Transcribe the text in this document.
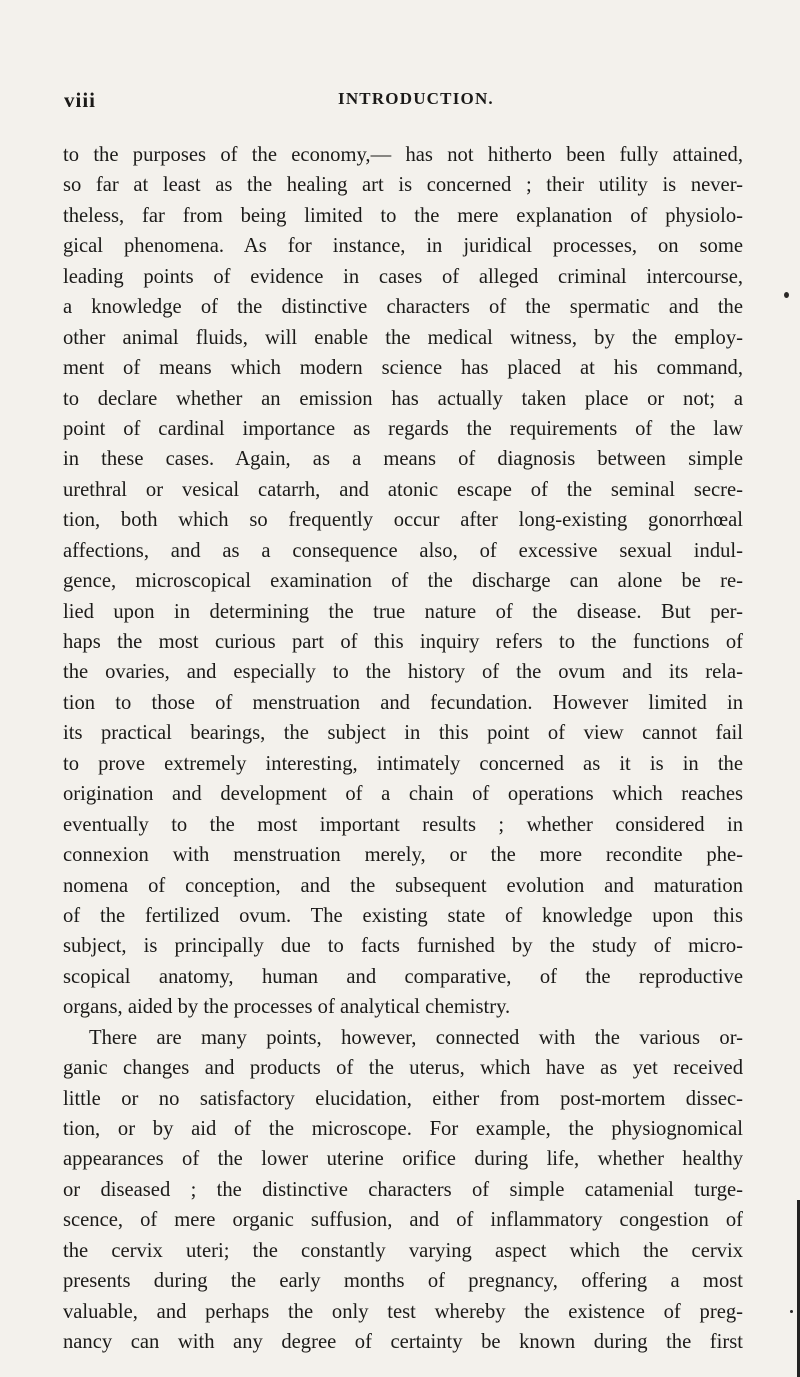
viii	INTRODUCTION.
to the purposes of the economy,— has not hitherto been fully attained,
so far at least as the healing art is concerned ; their utility is never-
theless, far from being limited to the mere explanation of physiolo-
gical phenomena. As for instance, in juridical processes, on some
leading points of evidence in cases of alleged criminal intercourse,
a knowledge of the distinctive characters of the spermatic and the
other animal fluids, will enable the medical witness, by the employ-
ment of means which modern science has placed at his command,
to declare whether an emission has actually taken place or not; a
point of cardinal importance as regards the requirements of the law
in these cases. Again, as a means of diagnosis between simple
urethral or vesical catarrh, and atonic escape of the seminal secre-
tion, both which so frequently occur after long-existing gonorrhœal
affections, and as a consequence also, of excessive sexual indul-
gence, microscopical examination of the discharge can alone be re-
lied upon in determining the true nature of the disease. But per-
haps the most curious part of this inquiry refers to the functions of
the ovaries, and especially to the history of the ovum and its rela-
tion to those of menstruation and fecundation. However limited in
its practical bearings, the subject in this point of view cannot fail
to prove extremely interesting, intimately concerned as it is in the
origination and development of a chain of operations which reaches
eventually to the most important results ; whether considered in
connexion with menstruation merely, or the more recondite phe-
nomena of conception, and the subsequent evolution and maturation
of the fertilized ovum. The existing state of knowledge upon this
subject, is principally due to facts furnished by the study of micro-
scopical anatomy, human and comparative, of the reproductive
organs, aided by the processes of analytical chemistry.
There are many points, however, connected with the various or-
ganic changes and products of the uterus, which have as yet received
little or no satisfactory elucidation, either from post-mortem dissec-
tion, or by aid of the microscope. For example, the physiognomical
appearances of the lower uterine orifice during life, whether healthy
or diseased ; the distinctive characters of simple catamenial turge-
scence, of mere organic suffusion, and of inflammatory congestion of
the cervix uteri; the constantly varying aspect which the cervix
presents during the early months of pregnancy, offering a most
valuable, and perhaps the only test whereby the existence of preg-
nancy can with any degree of certainty be known during the first
